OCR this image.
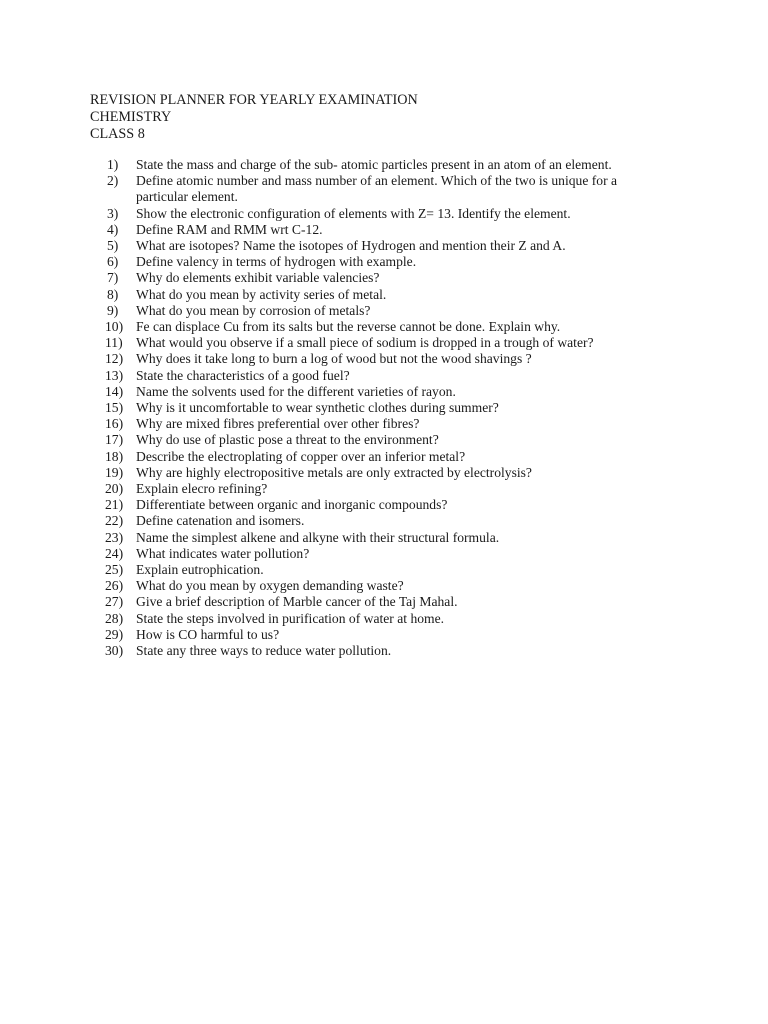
REVISION PLANNER FOR YEARLY EXAMINATION
CHEMISTRY
CLASS 8
1)	State the mass and charge of the sub- atomic particles present in an atom of an element.
2)	Define atomic number and mass number of an element. Which of the two is unique for a particular element.
3)	Show the electronic configuration of elements with Z= 13. Identify the element.
4)	Define RAM and RMM wrt C-12.
5)	What are isotopes? Name the isotopes of Hydrogen and mention their Z and A.
6)	Define valency in terms of hydrogen with example.
7)	Why do elements exhibit variable valencies?
8)	What do you mean by activity series of metal.
9)	What do you mean by corrosion of metals?
10) Fe can displace Cu from its salts but the reverse cannot be done. Explain why.
11) What would you observe if a small piece of sodium is dropped in a trough of water?
12) Why does it take long to burn a log of wood but not the wood shavings ?
13) State the characteristics of a good fuel?
14) Name the solvents used for the different varieties of rayon.
15) Why is it uncomfortable to wear synthetic clothes during summer?
16) Why are mixed fibres preferential over other fibres?
17) Why do use of plastic pose a threat to the environment?
18) Describe the electroplating of copper over an inferior metal?
19) Why are highly electropositive metals are only extracted by electrolysis?
20) Explain elecro refining?
21) Differentiate between organic and inorganic compounds?
22) Define catenation and isomers.
23) Name the simplest alkene and alkyne with their structural formula.
24) What indicates water pollution?
25) Explain eutrophication.
26) What do you mean by oxygen demanding waste?
27) Give a brief description of Marble cancer of the Taj Mahal.
28) State the steps involved in purification of water at home.
29) How is CO harmful to us?
30) State any three ways to reduce water pollution.
